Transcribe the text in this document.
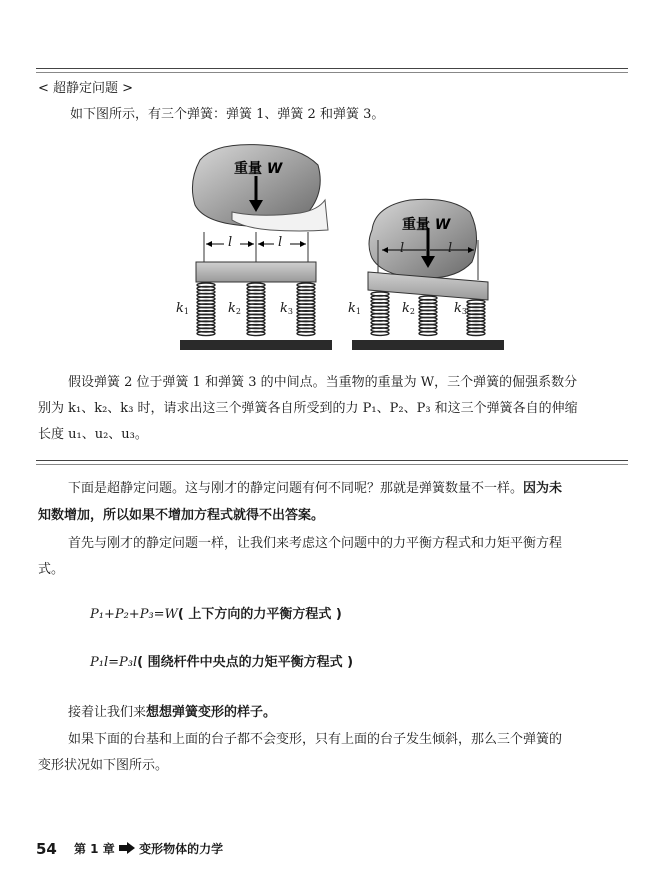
< 超静定问题 >
如下图所示，有三个弹簧：弹簧 1、弹簧 2 和弹簧 3。
重量 W
重量 W
l	l	l	l
$k_1$	$k_2$	$k_3$	$k_1$	$k_2$	$k_3$
假设弹簧 2 位于弹簧 1 和弹簧 3 的中间点。当重物的重量为 W，三个弹簧的倔强系数分
别为 k₁、k₂、k₃ 时，请求出这三个弹簧各自所受到的力 P₁、P₂、P₃ 和这三个弹簧各自的伸缩
长度 u₁、u₂、u₃。
下面是超静定问题。这与刚才的静定问题有何不同呢？那就是弹簧数量不一样。因为未
知数增加，所以如果不增加方程式就得不出答案。
首先与刚才的静定问题一样，让我们来考虑这个问题中的力平衡方程式和力矩平衡方程
式。
P₁+P₂+P₃=W( 上下方向的力平衡方程式 )
P₁l=P₃l( 围绕杆件中央点的力矩平衡方程式 )
接着让我们来想想弹簧变形的样子。
如果下面的台基和上面的台子都不会变形，只有上面的台子发生倾斜，那么三个弹簧的
变形状况如下图所示。
54 第 1 章 变形物体的力学
